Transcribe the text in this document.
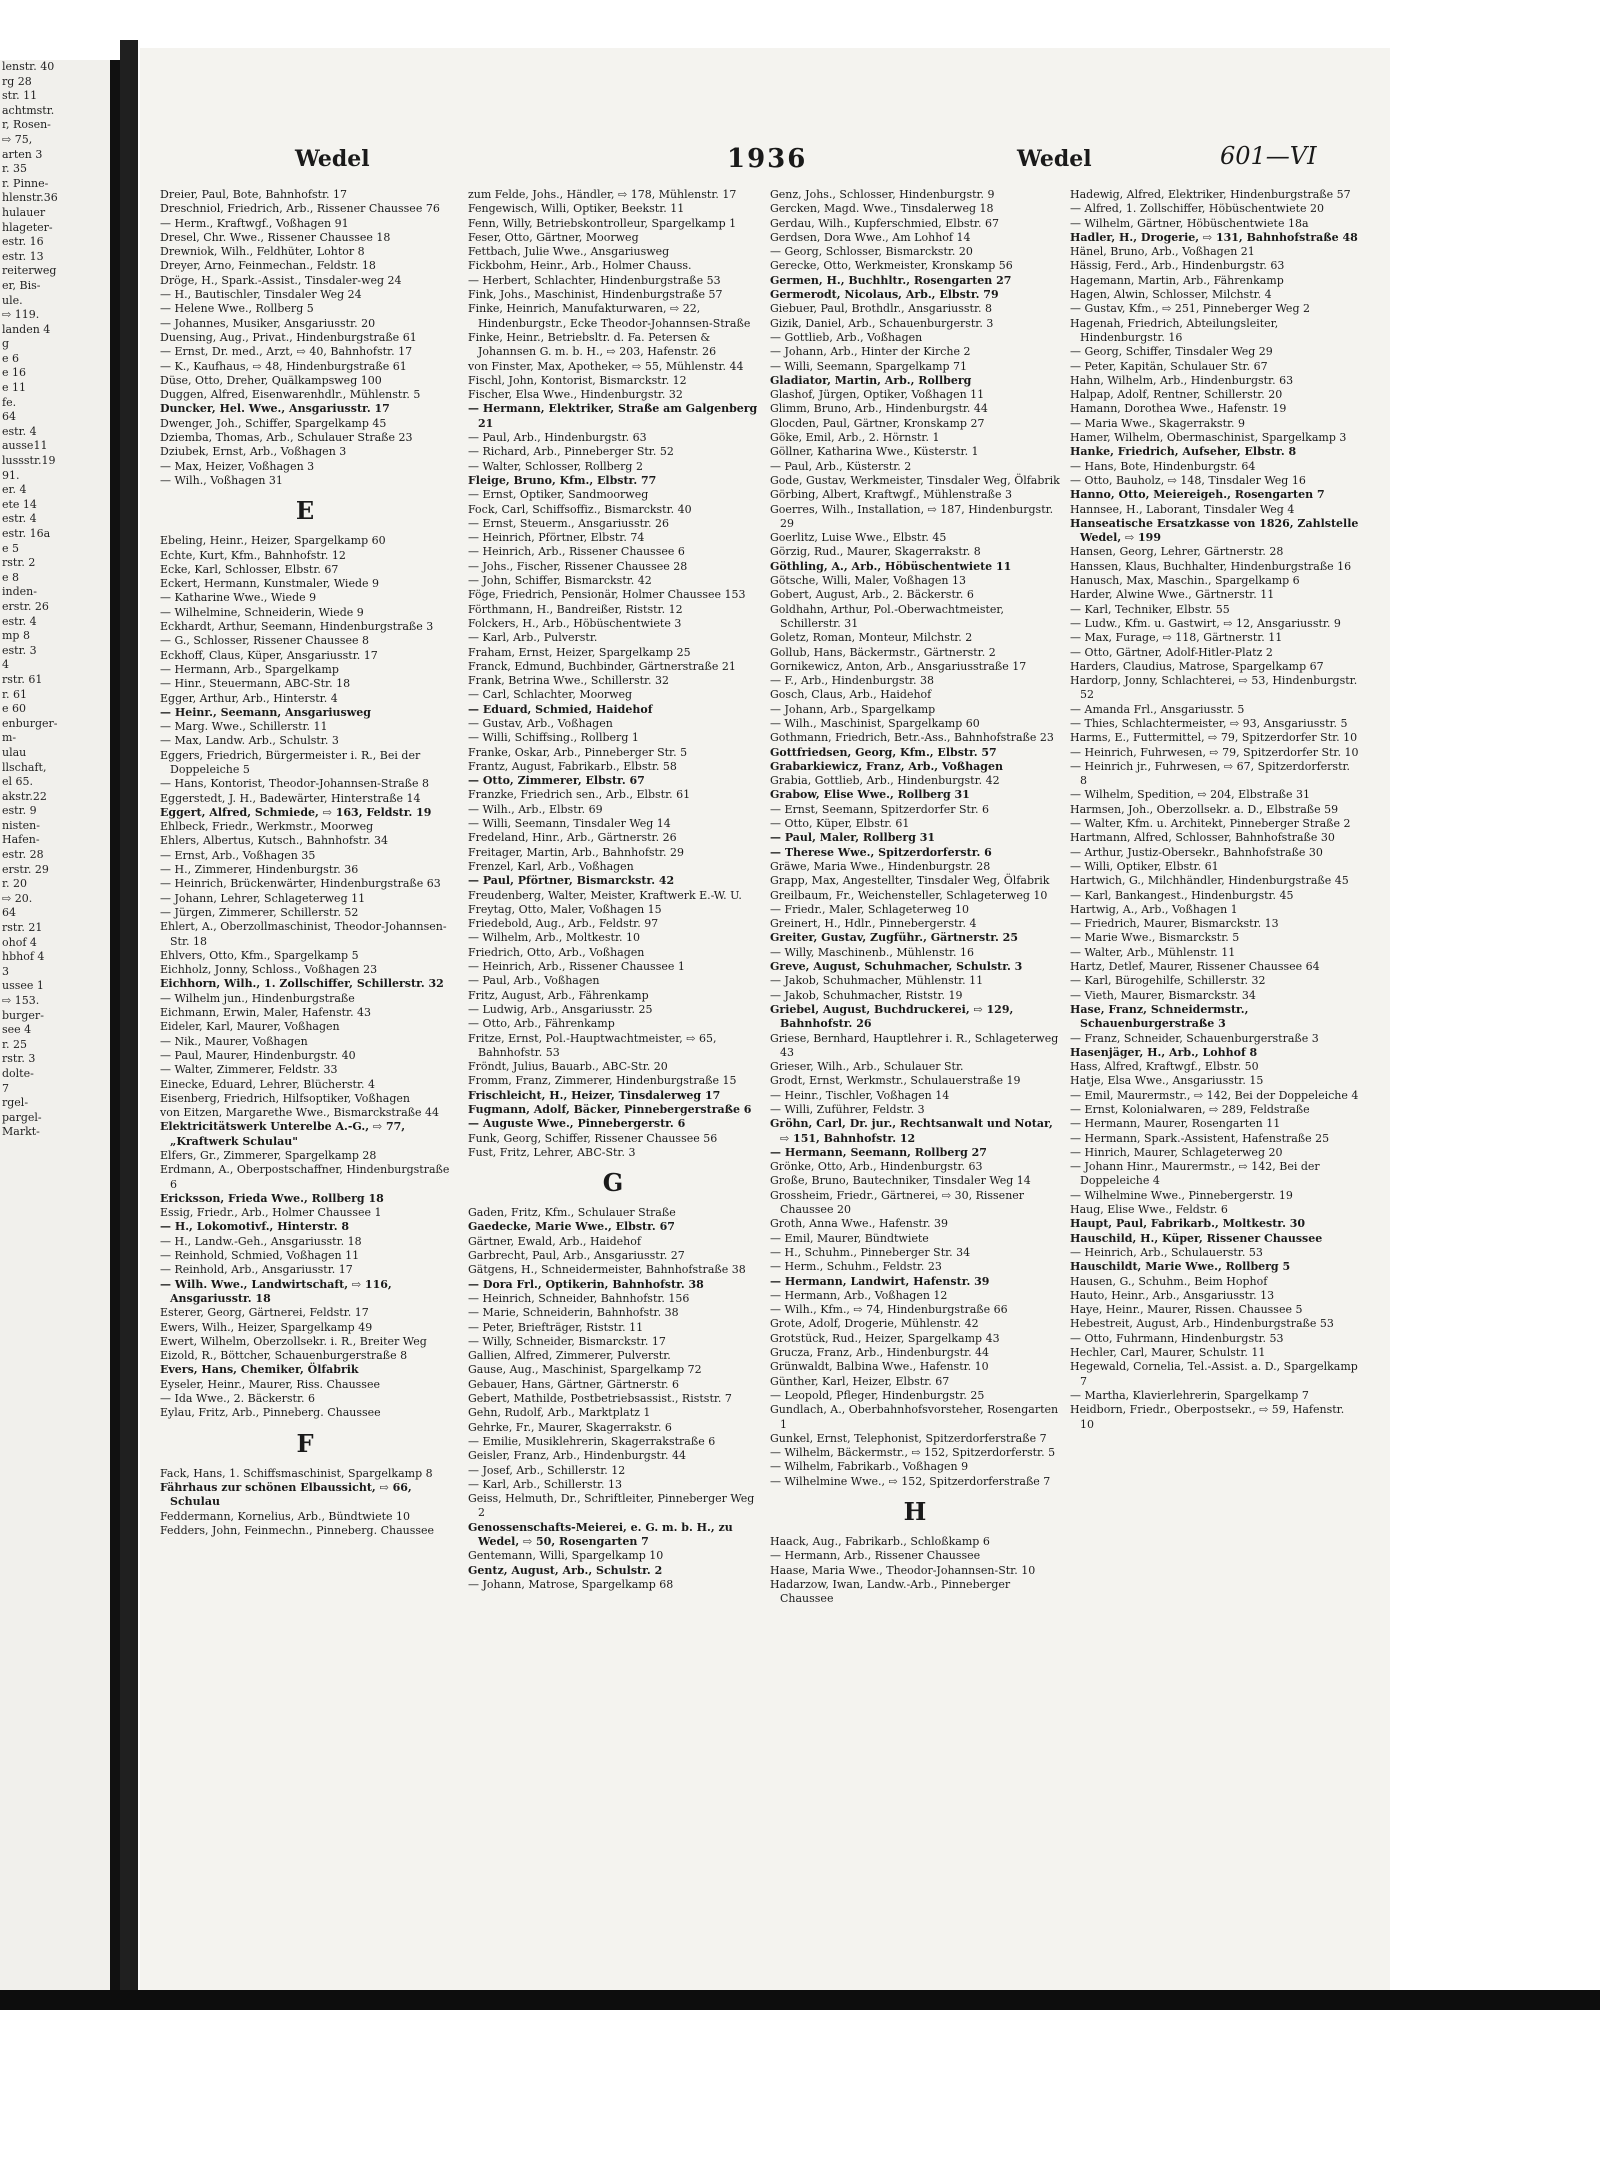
lenstr. 40
rg 28
str. 11
achtmstr.
r, Rosen-
⇨ 75,
arten 3
r. 35
r. Pinne-
hlenstr.36
hulauer
hlageter-
estr. 16
estr. 13
reiterweg
er, Bis-
ule.
⇨ 119.
landen 4
g
e 6
e 16
e 11
fe.
64
estr. 4
ausse11
lussstr.19
91.
er. 4
ete 14
estr. 4
estr. 16a
e 5
rstr. 2
e 8
inden-
erstr. 26
estr. 4
mp 8
estr. 3
4
rstr. 61
r. 61
e 60
enburger-
m-
ulau
llschaft,
el 65.
akstr.22
estr. 9
nisten-
Hafen-
estr. 28
erstr. 29
r. 20
⇨ 20.
64
rstr. 21
ohof 4
hbhof 4
3
ussee 1
⇨ 153.
burger-
see 4
r. 25
rstr. 3
dolte-
7
rgel-
pargel-
Markt-
Wedel	1936	Wedel	601—VI
Dreier, Paul, Bote, Bahnhofstr. 17
Dreschniol, Friedrich, Arb., Rissener Chaussee 76
— Herm., Kraftwgf., Voßhagen 91
Dresel, Chr. Wwe., Rissener Chaussee 18
Drewniok, Wilh., Feldhüter, Lohtor 8
Dreyer, Arno, Feinmechan., Feldstr. 18
Dröge, H., Spark.-Assist., Tinsdaler-weg 24
— H., Bautischler, Tinsdaler Weg 24
— Helene Wwe., Rollberg 5
— Johannes, Musiker, Ansgariusstr. 20
Duensing, Aug., Privat., Hindenburgstraße 61
— Ernst, Dr. med., Arzt, ⇨ 40, Bahnhofstr. 17
— K., Kaufhaus, ⇨ 48, Hindenburgstraße 61
Düse, Otto, Dreher, Quälkampsweg 100
Duggen, Alfred, Eisenwarenhdlr., Mühlenstr. 5
Duncker, Hel. Wwe., Ansgariusstr. 17
Dwenger, Joh., Schiffer, Spargelkamp 45
Dziemba, Thomas, Arb., Schulauer Straße 23
Dziubek, Ernst, Arb., Voßhagen 3
— Max, Heizer, Voßhagen 3
— Wilh., Voßhagen 31
E
Ebeling, Heinr., Heizer, Spargelkamp 60
Echte, Kurt, Kfm., Bahnhofstr. 12
Ecke, Karl, Schlosser, Elbstr. 67
Eckert, Hermann, Kunstmaler, Wiede 9
— Katharine Wwe., Wiede 9
— Wilhelmine, Schneiderin, Wiede 9
Eckhardt, Arthur, Seemann, Hindenburgstraße 3
— G., Schlosser, Rissener Chaussee 8
Eckhoff, Claus, Küper, Ansgariusstr. 17
— Hermann, Arb., Spargelkamp
— Hinr., Steuermann, ABC-Str. 18
Egger, Arthur, Arb., Hinterstr. 4
— Heinr., Seemann, Ansgariusweg
— Marg. Wwe., Schillerstr. 11
— Max, Landw. Arb., Schulstr. 3
Eggers, Friedrich, Bürgermeister i. R., Bei der Doppeleiche 5
— Hans, Kontorist, Theodor-Johannsen-Straße 8
Eggerstedt, J. H., Badewärter, Hinterstraße 14
Eggert, Alfred, Schmiede, ⇨ 163, Feldstr. 19
Ehlbeck, Friedr., Werkmstr., Moorweg
Ehlers, Albertus, Kutsch., Bahnhofstr. 34
— Ernst, Arb., Voßhagen 35
— H., Zimmerer, Hindenburgstr. 36
— Heinrich, Brückenwärter, Hindenburgstraße 63
— Johann, Lehrer, Schlageterweg 11
— Jürgen, Zimmerer, Schillerstr. 52
Ehlert, A., Oberzollmaschinist, Theodor-Johannsen-Str. 18
Ehlvers, Otto, Kfm., Spargelkamp 5
Eichholz, Jonny, Schloss., Voßhagen 23
Eichhorn, Wilh., 1. Zollschiffer, Schillerstr. 32
— Wilhelm jun., Hindenburgstraße
Eichmann, Erwin, Maler, Hafenstr. 43
Eideler, Karl, Maurer, Voßhagen
— Nik., Maurer, Voßhagen
— Paul, Maurer, Hindenburgstr. 40
— Walter, Zimmerer, Feldstr. 33
Einecke, Eduard, Lehrer, Blücherstr. 4
Eisenberg, Friedrich, Hilfsoptiker, Voßhagen
von Eitzen, Margarethe Wwe., Bismarckstraße 44
Elektricitätswerk Unterelbe A.-G., ⇨ 77, „Kraftwerk Schulau"
Elfers, Gr., Zimmerer, Spargelkamp 28
Erdmann, A., Oberpostschaffner, Hindenburgstraße 6
Ericksson, Frieda Wwe., Rollberg 18
Essig, Friedr., Arb., Holmer Chaussee 1
— H., Lokomotivf., Hinterstr. 8
— H., Landw.-Geh., Ansgariusstr. 18
— Reinhold, Schmied, Voßhagen 11
— Reinhold, Arb., Ansgariusstr. 17
— Wilh. Wwe., Landwirtschaft, ⇨ 116, Ansgariusstr. 18
Esterer, Georg, Gärtnerei, Feldstr. 17
Ewers, Wilh., Heizer, Spargelkamp 49
Ewert, Wilhelm, Oberzollsekr. i. R., Breiter Weg
Eizold, R., Böttcher, Schauenburgerstraße 8
Evers, Hans, Chemiker, Ölfabrik
Eyseler, Heinr., Maurer, Riss. Chaussee
— Ida Wwe., 2. Bäckerstr. 6
Eylau, Fritz, Arb., Pinneberg. Chaussee
F
Fack, Hans, 1. Schiffsmaschinist, Spargelkamp 8
Fährhaus zur schönen Elbaussicht, ⇨ 66, Schulau
Feddermann, Kornelius, Arb., Bündtwiete 10
Fedders, John, Feinmechn., Pinneberg. Chaussee
zum Felde, Johs., Händler, ⇨ 178, Mühlenstr. 17
Fengewisch, Willi, Optiker, Beekstr. 11
Fenn, Willy, Betriebskontrolleur, Spargelkamp 1
Feser, Otto, Gärtner, Moorweg
Fettbach, Julie Wwe., Ansgariusweg
Fickbohm, Heinr., Arb., Holmer Chauss.
— Herbert, Schlachter, Hindenburgstraße 53
Fink, Johs., Maschinist, Hindenburgstraße 57
Finke, Heinrich, Manufakturwaren, ⇨ 22, Hindenburgstr., Ecke Theodor-Johannsen-Straße
Finke, Heinr., Betriebsltr. d. Fa. Petersen & Johannsen G. m. b. H., ⇨ 203, Hafenstr. 26
von Finster, Max, Apotheker, ⇨ 55, Mühlenstr. 44
Fischl, John, Kontorist, Bismarckstr. 12
Fischer, Elsa Wwe., Hindenburgstr. 32
— Hermann, Elektriker, Straße am Galgenberg 21
— Paul, Arb., Hindenburgstr. 63
— Richard, Arb., Pinneberger Str. 52
— Walter, Schlosser, Rollberg 2
Fleige, Bruno, Kfm., Elbstr. 77
— Ernst, Optiker, Sandmoorweg
Fock, Carl, Schiffsoffiz., Bismarckstr. 40
— Ernst, Steuerm., Ansgariusstr. 26
— Heinrich, Pförtner, Elbstr. 74
— Heinrich, Arb., Rissener Chaussee 6
— Johs., Fischer, Rissener Chaussee 28
— John, Schiffer, Bismarckstr. 42
Föge, Friedrich, Pensionär, Holmer Chaussee 153
Förthmann, H., Bandreißer, Riststr. 12
Folckers, H., Arb., Höbüschentwiete 3
— Karl, Arb., Pulverstr.
Fraham, Ernst, Heizer, Spargelkamp 25
Franck, Edmund, Buchbinder, Gärtnerstraße 21
Frank, Betrina Wwe., Schillerstr. 32
— Carl, Schlachter, Moorweg
— Eduard, Schmied, Haidehof
— Gustav, Arb., Voßhagen
— Willi, Schiffsing., Rollberg 1
Franke, Oskar, Arb., Pinneberger Str. 5
Frantz, August, Fabrikarb., Elbstr. 58
— Otto, Zimmerer, Elbstr. 67
Franzke, Friedrich sen., Arb., Elbstr. 61
— Wilh., Arb., Elbstr. 69
— Willi, Seemann, Tinsdaler Weg 14
Fredeland, Hinr., Arb., Gärtnerstr. 26
Freitager, Martin, Arb., Bahnhofstr. 29
Frenzel, Karl, Arb., Voßhagen
— Paul, Pförtner, Bismarckstr. 42
Freudenberg, Walter, Meister, Kraftwerk E.-W. U.
Freytag, Otto, Maler, Voßhagen 15
Friedebold, Aug., Arb., Feldstr. 97
— Wilhelm, Arb., Moltkestr. 10
Friedrich, Otto, Arb., Voßhagen
— Heinrich, Arb., Rissener Chaussee 1
— Paul, Arb., Voßhagen
Fritz, August, Arb., Fährenkamp
— Ludwig, Arb., Ansgariusstr. 25
— Otto, Arb., Fährenkamp
Fritze, Ernst, Pol.-Hauptwachtmeister, ⇨ 65, Bahnhofstr. 53
Fröndt, Julius, Bauarb., ABC-Str. 20
Fromm, Franz, Zimmerer, Hindenburgstraße 15
Frischleicht, H., Heizer, Tinsdalerweg 17
Fugmann, Adolf, Bäcker, Pinnebergerstraße 6
— Auguste Wwe., Pinnebergerstr. 6
Funk, Georg, Schiffer, Rissener Chaussee 56
Fust, Fritz, Lehrer, ABC-Str. 3
G
Gaden, Fritz, Kfm., Schulauer Straße
Gaedecke, Marie Wwe., Elbstr. 67
Gärtner, Ewald, Arb., Haidehof
Garbrecht, Paul, Arb., Ansgariusstr. 27
Gätgens, H., Schneidermeister, Bahnhofstraße 38
— Dora Frl., Optikerin, Bahnhofstr. 38
— Heinrich, Schneider, Bahnhofstr. 156
— Marie, Schneiderin, Bahnhofstr. 38
— Peter, Briefträger, Riststr. 11
— Willy, Schneider, Bismarckstr. 17
Gallien, Alfred, Zimmerer, Pulverstr.
Gause, Aug., Maschinist, Spargelkamp 72
Gebauer, Hans, Gärtner, Gärtnerstr. 6
Gebert, Mathilde, Postbetriebsassist., Riststr. 7
Gehn, Rudolf, Arb., Marktplatz 1
Gehrke, Fr., Maurer, Skagerrakstr. 6
— Emilie, Musiklehrerin, Skagerrakstraße 6
Geisler, Franz, Arb., Hindenburgstr. 44
— Josef, Arb., Schillerstr. 12
— Karl, Arb., Schillerstr. 13
Geiss, Helmuth, Dr., Schriftleiter, Pinneberger Weg 2
Genossenschafts-Meierei, e. G. m. b. H., zu Wedel, ⇨ 50, Rosengarten 7
Gentemann, Willi, Spargelkamp 10
Gentz, August, Arb., Schulstr. 2
— Johann, Matrose, Spargelkamp 68
Genz, Johs., Schlosser, Hindenburgstr. 9
Gercken, Magd. Wwe., Tinsdalerweg 18
Gerdau, Wilh., Kupferschmied, Elbstr. 67
Gerdsen, Dora Wwe., Am Lohhof 14
— Georg, Schlosser, Bismarckstr. 20
Gerecke, Otto, Werkmeister, Kronskamp 56
Germen, H., Buchhltr., Rosengarten 27
Germerodt, Nicolaus, Arb., Elbstr. 79
Giebuer, Paul, Brothdlr., Ansgariusstr. 8
Gizik, Daniel, Arb., Schauenburgerstr. 3
— Gottlieb, Arb., Voßhagen
— Johann, Arb., Hinter der Kirche 2
— Willi, Seemann, Spargelkamp 71
Gladiator, Martin, Arb., Rollberg
Glashof, Jürgen, Optiker, Voßhagen 11
Glimm, Bruno, Arb., Hindenburgstr. 44
Glocden, Paul, Gärtner, Kronskamp 27
Göke, Emil, Arb., 2. Hörnstr. 1
Göllner, Katharina Wwe., Küsterstr. 1
— Paul, Arb., Küsterstr. 2
Gode, Gustav, Werkmeister, Tinsdaler Weg, Ölfabrik
Görbing, Albert, Kraftwgf., Mühlenstraße 3
Goerres, Wilh., Installation, ⇨ 187, Hindenburgstr. 29
Goerlitz, Luise Wwe., Elbstr. 45
Görzig, Rud., Maurer, Skagerrakstr. 8
Göthling, A., Arb., Höbüschentwiete 11
Götsche, Willi, Maler, Voßhagen 13
Gobert, August, Arb., 2. Bäckerstr. 6
Goldhahn, Arthur, Pol.-Oberwachtmeister, Schillerstr. 31
Goletz, Roman, Monteur, Milchstr. 2
Gollub, Hans, Bäckermstr., Gärtnerstr. 2
Gornikewicz, Anton, Arb., Ansgariusstraße 17
— F., Arb., Hindenburgstr. 38
Gosch, Claus, Arb., Haidehof
— Johann, Arb., Spargelkamp
— Wilh., Maschinist, Spargelkamp 60
Gothmann, Friedrich, Betr.-Ass., Bahnhofstraße 23
Gottfriedsen, Georg, Kfm., Elbstr. 57
Grabarkiewicz, Franz, Arb., Voßhagen
Grabia, Gottlieb, Arb., Hindenburgstr. 42
Grabow, Elise Wwe., Rollberg 31
— Ernst, Seemann, Spitzerdorfer Str. 6
— Otto, Küper, Elbstr. 61
— Paul, Maler, Rollberg 31
— Therese Wwe., Spitzerdorferstr. 6
Gräwe, Maria Wwe., Hindenburgstr. 28
Grapp, Max, Angestellter, Tinsdaler Weg, Ölfabrik
Greilbaum, Fr., Weichensteller, Schlageterweg 10
— Friedr., Maler, Schlageterweg 10
Greinert, H., Hdlr., Pinnebergerstr. 4
Greiter, Gustav, Zugführ., Gärtnerstr. 25
— Willy, Maschinenb., Mühlenstr. 16
Greve, August, Schuhmacher, Schulstr. 3
— Jakob, Schuhmacher, Mühlenstr. 11
— Jakob, Schuhmacher, Riststr. 19
Griebel, August, Buchdruckerei, ⇨ 129, Bahnhofstr. 26
Griese, Bernhard, Hauptlehrer i. R., Schlageterweg 43
Grieser, Wilh., Arb., Schulauer Str.
Grodt, Ernst, Werkmstr., Schulauerstraße 19
— Heinr., Tischler, Voßhagen 14
— Willi, Zuführer, Feldstr. 3
Gröhn, Carl, Dr. jur., Rechtsanwalt und Notar, ⇨ 151, Bahnhofstr. 12
— Hermann, Seemann, Rollberg 27
Grönke, Otto, Arb., Hindenburgstr. 63
Große, Bruno, Bautechniker, Tinsdaler Weg 14
Grossheim, Friedr., Gärtnerei, ⇨ 30, Rissener Chaussee 20
Groth, Anna Wwe., Hafenstr. 39
— Emil, Maurer, Bündtwiete
— H., Schuhm., Pinneberger Str. 34
— Herm., Schuhm., Feldstr. 23
— Hermann, Landwirt, Hafenstr. 39
— Hermann, Arb., Voßhagen 12
— Wilh., Kfm., ⇨ 74, Hindenburgstraße 66
Grote, Adolf, Drogerie, Mühlenstr. 42
Grotstück, Rud., Heizer, Spargelkamp 43
Grucza, Franz, Arb., Hindenburgstr. 44
Grünwaldt, Balbina Wwe., Hafenstr. 10
Günther, Karl, Heizer, Elbstr. 67
— Leopold, Pfleger, Hindenburgstr. 25
Gundlach, A., Oberbahnhofsvorsteher, Rosengarten 1
Gunkel, Ernst, Telephonist, Spitzerdorferstraße 7
— Wilhelm, Bäckermstr., ⇨ 152, Spitzerdorferstr. 5
— Wilhelm, Fabrikarb., Voßhagen 9
— Wilhelmine Wwe., ⇨ 152, Spitzerdorferstraße 7
H
Haack, Aug., Fabrikarb., Schloßkamp 6
— Hermann, Arb., Rissener Chaussee
Haase, Maria Wwe., Theodor-Johannsen-Str. 10
Hadarzow, Iwan, Landw.-Arb., Pinneberger Chaussee
Hadewig, Alfred, Elektriker, Hindenburgstraße 57
— Alfred, 1. Zollschiffer, Höbüschentwiete 20
— Wilhelm, Gärtner, Höbüschentwiete 18a
Hadler, H., Drogerie, ⇨ 131, Bahnhofstraße 48
Hänel, Bruno, Arb., Voßhagen 21
Hässig, Ferd., Arb., Hindenburgstr. 63
Hagemann, Martin, Arb., Fährenkamp
Hagen, Alwin, Schlosser, Milchstr. 4
— Gustav, Kfm., ⇨ 251, Pinneberger Weg 2
Hagenah, Friedrich, Abteilungsleiter, Hindenburgstr. 16
— Georg, Schiffer, Tinsdaler Weg 29
— Peter, Kapitän, Schulauer Str. 67
Hahn, Wilhelm, Arb., Hindenburgstr. 63
Halpap, Adolf, Rentner, Schillerstr. 20
Hamann, Dorothea Wwe., Hafenstr. 19
— Maria Wwe., Skagerrakstr. 9
Hamer, Wilhelm, Obermaschinist, Spargelkamp 3
Hanke, Friedrich, Aufseher, Elbstr. 8
— Hans, Bote, Hindenburgstr. 64
— Otto, Bauholz, ⇨ 148, Tinsdaler Weg 16
Hanno, Otto, Meiereigeh., Rosengarten 7
Hannsee, H., Laborant, Tinsdaler Weg 4
Hanseatische Ersatzkasse von 1826, Zahlstelle Wedel, ⇨ 199
Hansen, Georg, Lehrer, Gärtnerstr. 28
Hanssen, Klaus, Buchhalter, Hindenburgstraße 16
Hanusch, Max, Maschin., Spargelkamp 6
Harder, Alwine Wwe., Gärtnerstr. 11
— Karl, Techniker, Elbstr. 55
— Ludw., Kfm. u. Gastwirt, ⇨ 12, Ansgariusstr. 9
— Max, Furage, ⇨ 118, Gärtnerstr. 11
— Otto, Gärtner, Adolf-Hitler-Platz 2
Harders, Claudius, Matrose, Spargelkamp 67
Hardorp, Jonny, Schlachterei, ⇨ 53, Hindenburgstr. 52
— Amanda Frl., Ansgariusstr. 5
— Thies, Schlachtermeister, ⇨ 93, Ansgariusstr. 5
Harms, E., Futtermittel, ⇨ 79, Spitzerdorfer Str. 10
— Heinrich, Fuhrwesen, ⇨ 79, Spitzerdorfer Str. 10
— Heinrich jr., Fuhrwesen, ⇨ 67, Spitzerdorferstr. 8
— Wilhelm, Spedition, ⇨ 204, Elbstraße 31
Harmsen, Joh., Oberzollsekr. a. D., Elbstraße 59
— Walter, Kfm. u. Architekt, Pinneberger Straße 2
Hartmann, Alfred, Schlosser, Bahnhofstraße 30
— Arthur, Justiz-Obersekr., Bahnhofstraße 30
— Willi, Optiker, Elbstr. 61
Hartwich, G., Milchhändler, Hindenburgstraße 45
— Karl, Bankangest., Hindenburgstr. 45
Hartwig, A., Arb., Voßhagen 1
— Friedrich, Maurer, Bismarckstr. 13
— Marie Wwe., Bismarckstr. 5
— Walter, Arb., Mühlenstr. 11
Hartz, Detlef, Maurer, Rissener Chaussee 64
— Karl, Bürogehilfe, Schillerstr. 32
— Vieth, Maurer, Bismarckstr. 34
Hase, Franz, Schneidermstr., Schauenburgerstraße 3
— Franz, Schneider, Schauenburgerstraße 3
Hasenjäger, H., Arb., Lohhof 8
Hass, Alfred, Kraftwgf., Elbstr. 50
Hatje, Elsa Wwe., Ansgariusstr. 15
— Emil, Maurermstr., ⇨ 142, Bei der Doppeleiche 4
— Ernst, Kolonialwaren, ⇨ 289, Feldstraße
— Hermann, Maurer, Rosengarten 11
— Hermann, Spark.-Assistent, Hafenstraße 25
— Hinrich, Maurer, Schlageterweg 20
— Johann Hinr., Maurermstr., ⇨ 142, Bei der Doppeleiche 4
— Wilhelmine Wwe., Pinnebergerstr. 19
Haug, Elise Wwe., Feldstr. 6
Haupt, Paul, Fabrikarb., Moltkestr. 30
Hauschild, H., Küper, Rissener Chaussee
— Heinrich, Arb., Schulauerstr. 53
Hauschildt, Marie Wwe., Rollberg 5
Hausen, G., Schuhm., Beim Hophof
Hauto, Heinr., Arb., Ansgariusstr. 13
Haye, Heinr., Maurer, Rissen. Chaussee 5
Hebestreit, August, Arb., Hindenburgstraße 53
— Otto, Fuhrmann, Hindenburgstr. 53
Hechler, Carl, Maurer, Schulstr. 11
Hegewald, Cornelia, Tel.-Assist. a. D., Spargelkamp 7
— Martha, Klavierlehrerin, Spargelkamp 7
Heidborn, Friedr., Oberpostsekr., ⇨ 59, Hafenstr. 10
